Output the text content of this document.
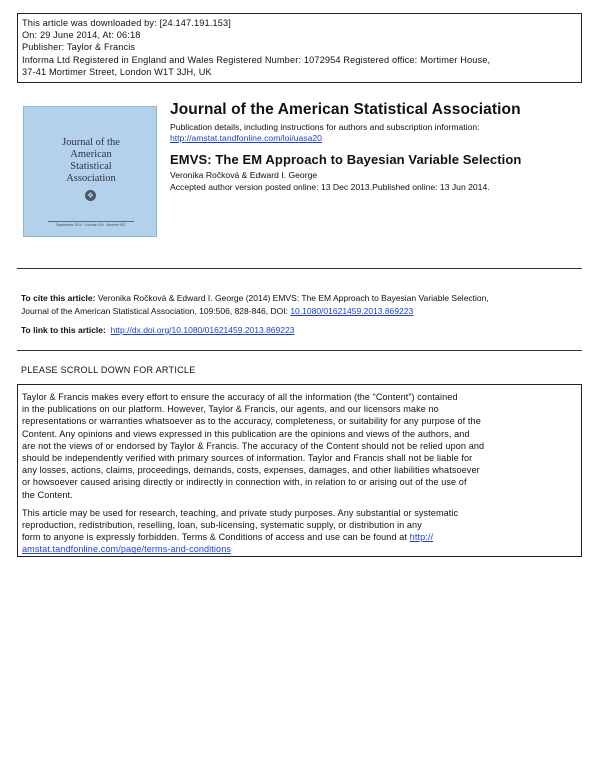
This article was downloaded by: [24.147.191.153]
On: 29 June 2014, At: 06:18
Publisher: Taylor & Francis
Informa Ltd Registered in England and Wales Registered Number: 1072954 Registered office: Mortimer House,
37-41 Mortimer Street, London W1T 3JH, UK
Journal of the
American
Statistical
Association
❖
September 2014 · Volume 109 · Number 507
Journal of the American Statistical Association
Publication details, including instructions for authors and subscription information:
http://amstat.tandfonline.com/loi/uasa20
EMVS: The EM Approach to Bayesian Variable Selection
Veronika Ročková & Edward I. George
Accepted author version posted online: 13 Dec 2013.Published online: 13 Jun 2014.
To cite this article: Veronika Ročková & Edward I. George (2014) EMVS: The EM Approach to Bayesian Variable Selection,
Journal of the American Statistical Association, 109:506, 828-846, DOI: 10.1080/01621459.2013.869223
To link to this article: http://dx.doi.org/10.1080/01621459.2013.869223
PLEASE SCROLL DOWN FOR ARTICLE
Taylor & Francis makes every effort to ensure the accuracy of all the information (the “Content”) contained
in the publications on our platform. However, Taylor & Francis, our agents, and our licensors make no
representations or warranties whatsoever as to the accuracy, completeness, or suitability for any purpose of the
Content. Any opinions and views expressed in this publication are the opinions and views of the authors, and
are not the views of or endorsed by Taylor & Francis. The accuracy of the Content should not be relied upon and
should be independently verified with primary sources of information. Taylor and Francis shall not be liable for
any losses, actions, claims, proceedings, demands, costs, expenses, damages, and other liabilities whatsoever
or howsoever caused arising directly or indirectly in connection with, in relation to or arising out of the use of
the Content.
This article may be used for research, teaching, and private study purposes. Any substantial or systematic
reproduction, redistribution, reselling, loan, sub-licensing, systematic supply, or distribution in any
form to anyone is expressly forbidden. Terms & Conditions of access and use can be found at http://
amstat.tandfonline.com/page/terms-and-conditions
